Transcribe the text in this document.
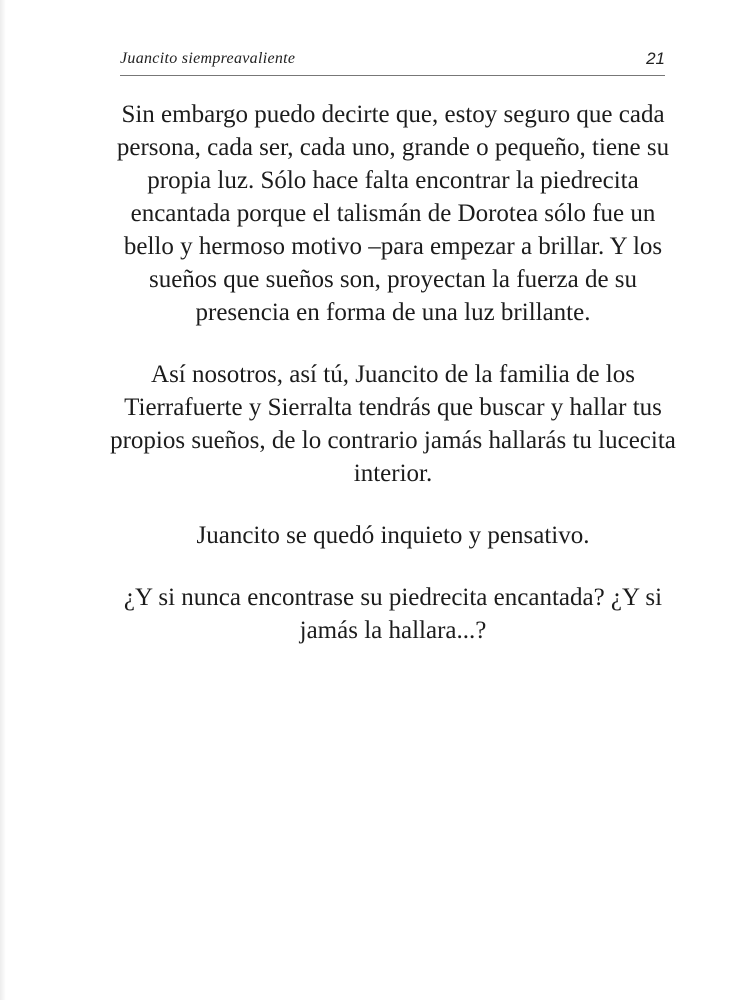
Juancito siempreavaliente	21

Sin embargo puedo decirte que, estoy seguro que cada persona, cada ser, cada uno, grande o pequeño, tiene su propia luz. Sólo hace falta encontrar la piedrecita encantada porque el talismán de Dorotea sólo fue un bello y hermoso motivo –para empezar a brillar. Y los sueños que sueños son, proyectan la fuerza de su presencia en forma de una luz brillante.

Así nosotros, así tú, Juancito de la familia de los Tierrafuerte y Sierralta tendrás que buscar y hallar tus propios sueños, de lo contrario jamás hallarás tu lucecita interior.

Juancito se quedó inquieto y pensativo.

¿Y si nunca encontrase su piedrecita encantada? ¿Y si jamás la hallara...?
